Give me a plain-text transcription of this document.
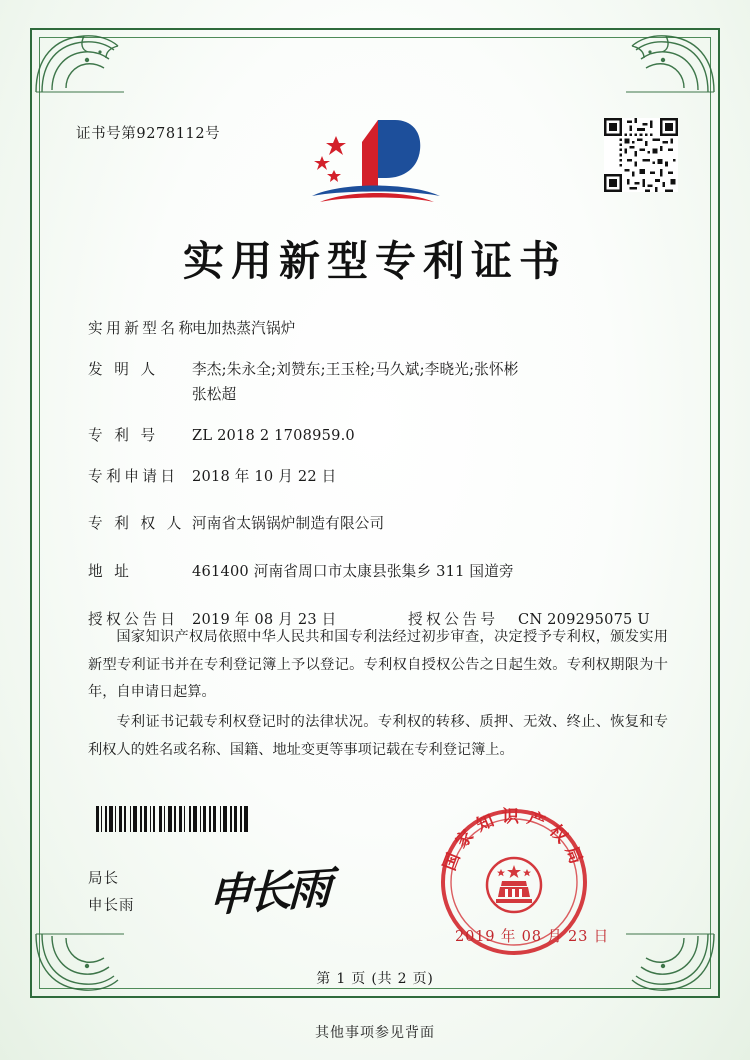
证书号第9278112号
实用新型专利证书
实用新型名称
电加热蒸汽锅炉
发 明 人	李杰;朱永全;刘赞东;王玉栓;马久斌;李晓光;张怀彬
张松超
专 利 号	ZL 2018 2 1708959.0
专利申请日 2018 年 10 月 22 日
专 利 权 人 河南省太锅锅炉制造有限公司
地 址	461400 河南省周口市太康县张集乡 311 国道旁
授权公告日 2019 年 08 月 23 日	授权公告号	CN 209295075 U

国家知识产权局依照中华人民共和国专利法经过初步审查，决定授予专利权，颁发实用新型专利证书并在专利登记簿上予以登记。专利权自授权公告之日起生效。专利权期限为十年，自申请日起算。

专利证书记载专利权登记时的法律状况。专利权的转移、质押、无效、终止、恢复和专利权人的姓名或名称、国籍、地址变更等事项记载在专利登记簿上。

局长
申长雨 申长雨
国家知识产权局
2019 年 08 月 23 日
第 1 页 (共 2 页)
其他事项参见背面
